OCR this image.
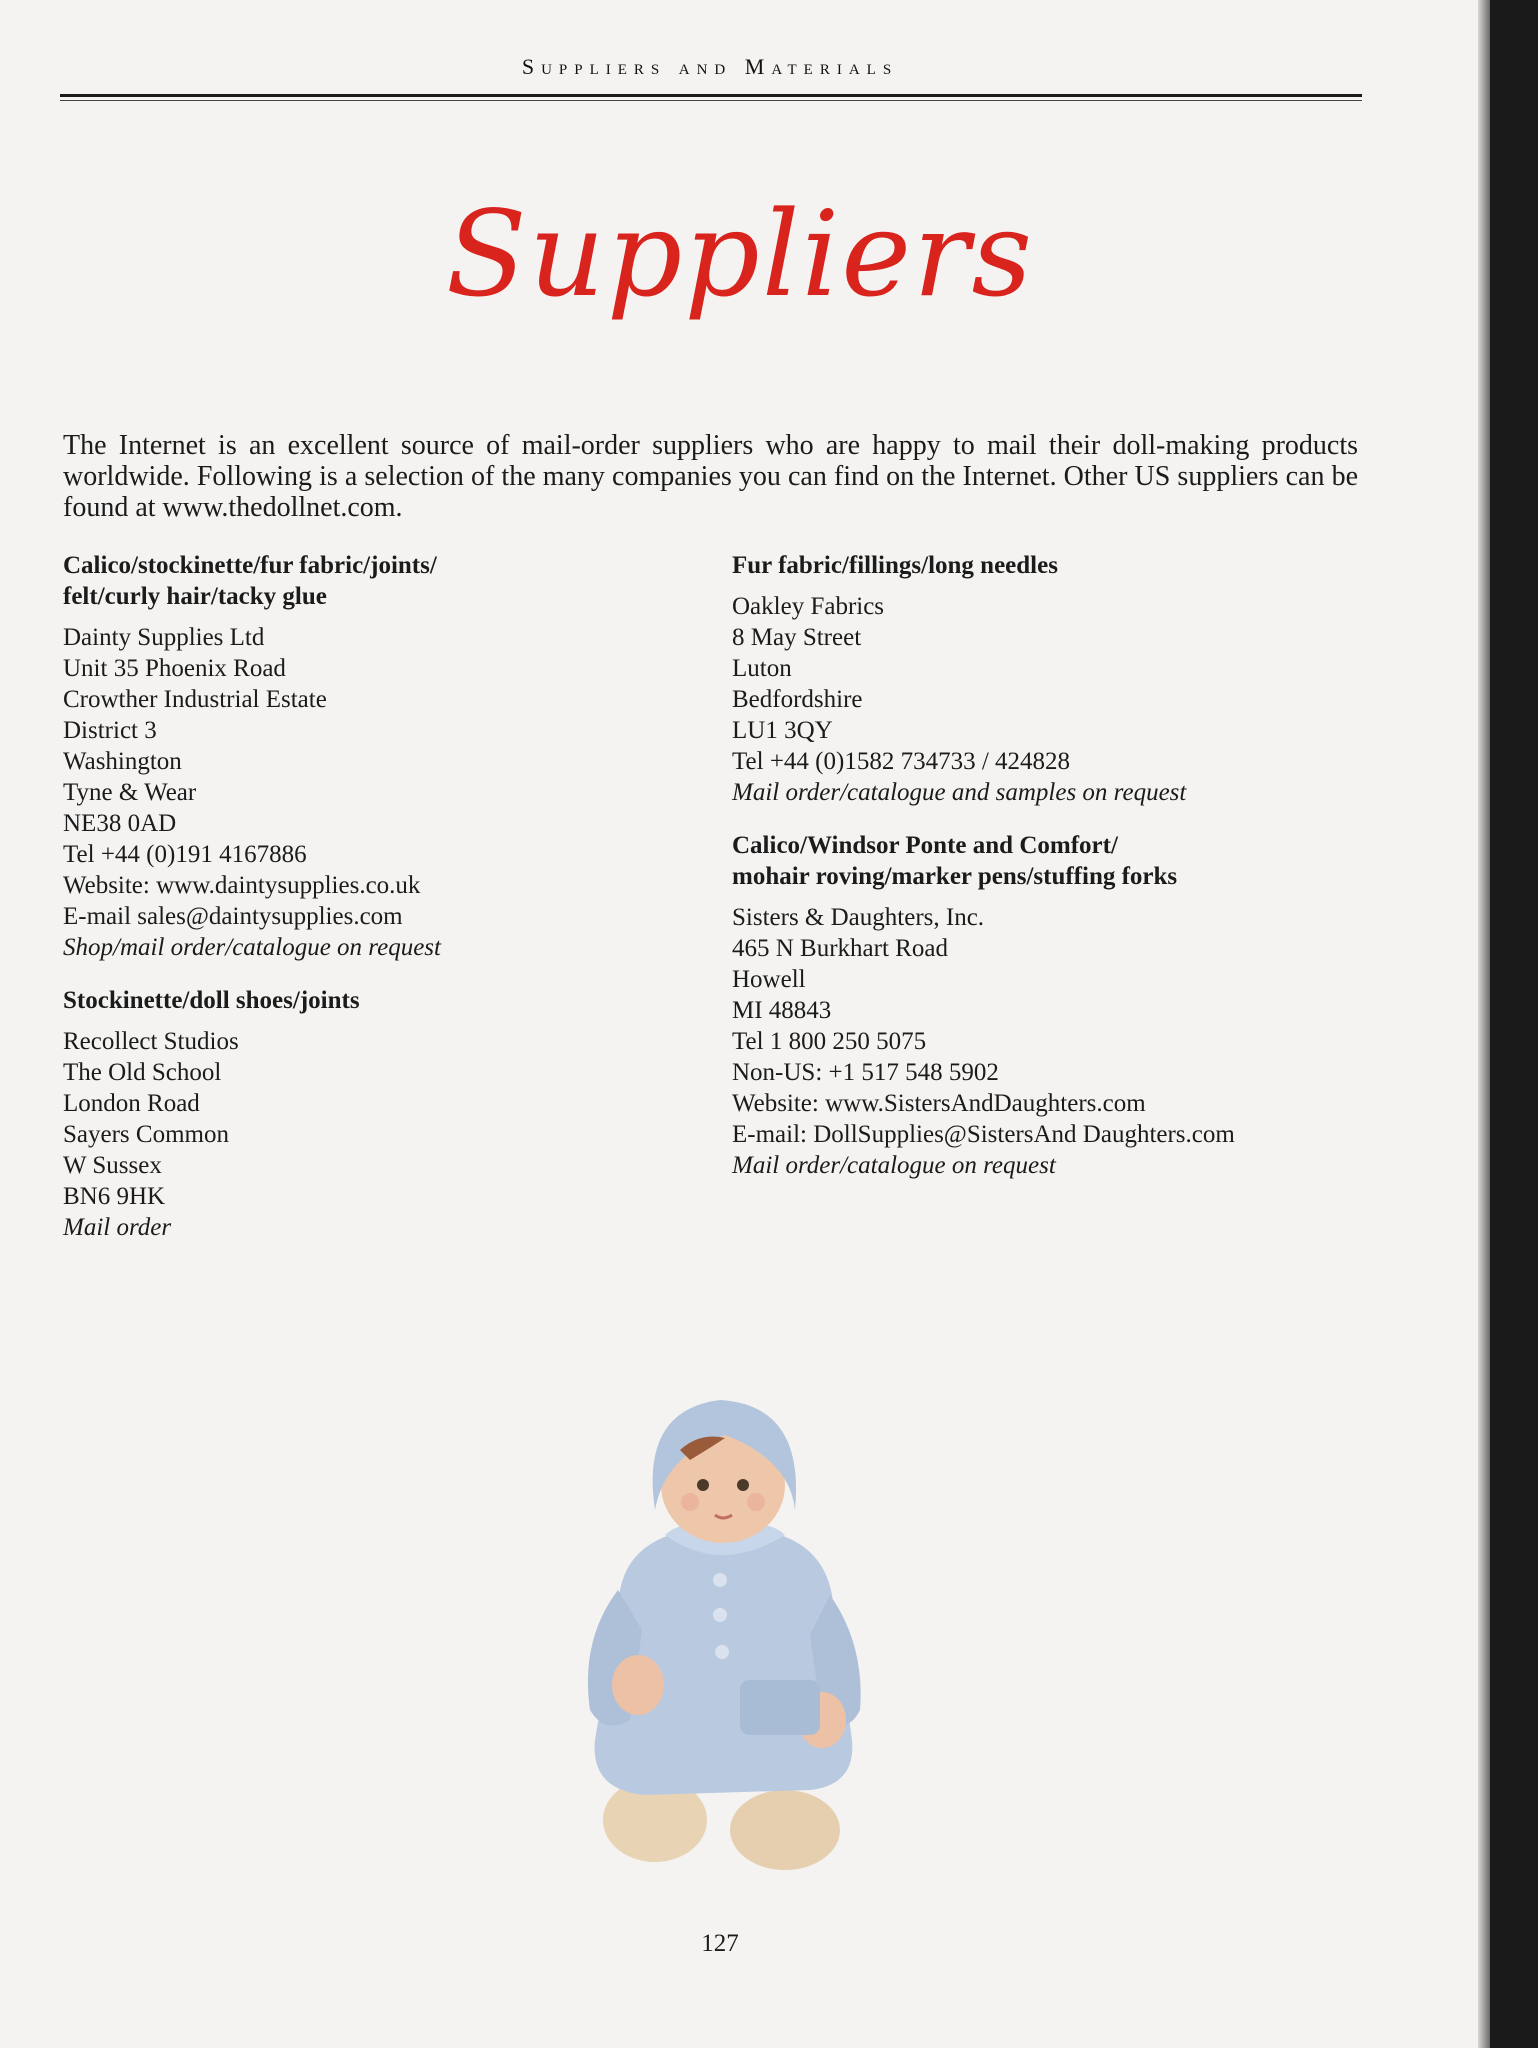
Suppliers and Materials
Suppliers
The Internet is an excellent source of mail-order suppliers who are happy to mail their doll-making products worldwide. Following is a selection of the many companies you can find on the Internet. Other US suppliers can be found at www.thedollnet.com.
Calico/stockinette/fur fabric/joints/
felt/curly hair/tacky glue
Dainty Supplies Ltd
Unit 35 Phoenix Road
Crowther Industrial Estate
District 3
Washington
Tyne & Wear
NE38 0AD
Tel +44 (0)191 4167886
Website: www.daintysupplies.co.uk
E-mail sales@daintysupplies.com
Shop/mail order/catalogue on request
Stockinette/doll shoes/joints
Recollect Studios
The Old School
London Road
Sayers Common
W Sussex
BN6 9HK
Mail order
Fur fabric/fillings/long needles
Oakley Fabrics
8 May Street
Luton
Bedfordshire
LU1 3QY
Tel +44 (0)1582 734733 / 424828
Mail order/catalogue and samples on request
Calico/Windsor Ponte and Comfort/
mohair roving/marker pens/stuffing forks
Sisters & Daughters, Inc.
465 N Burkhart Road
Howell
MI 48843
Tel 1 800 250 5075
Non-US: +1 517 548 5902
Website: www.SistersAndDaughters.com
E-mail: DollSupplies@SistersAnd Daughters.com
Mail order/catalogue on request
127
